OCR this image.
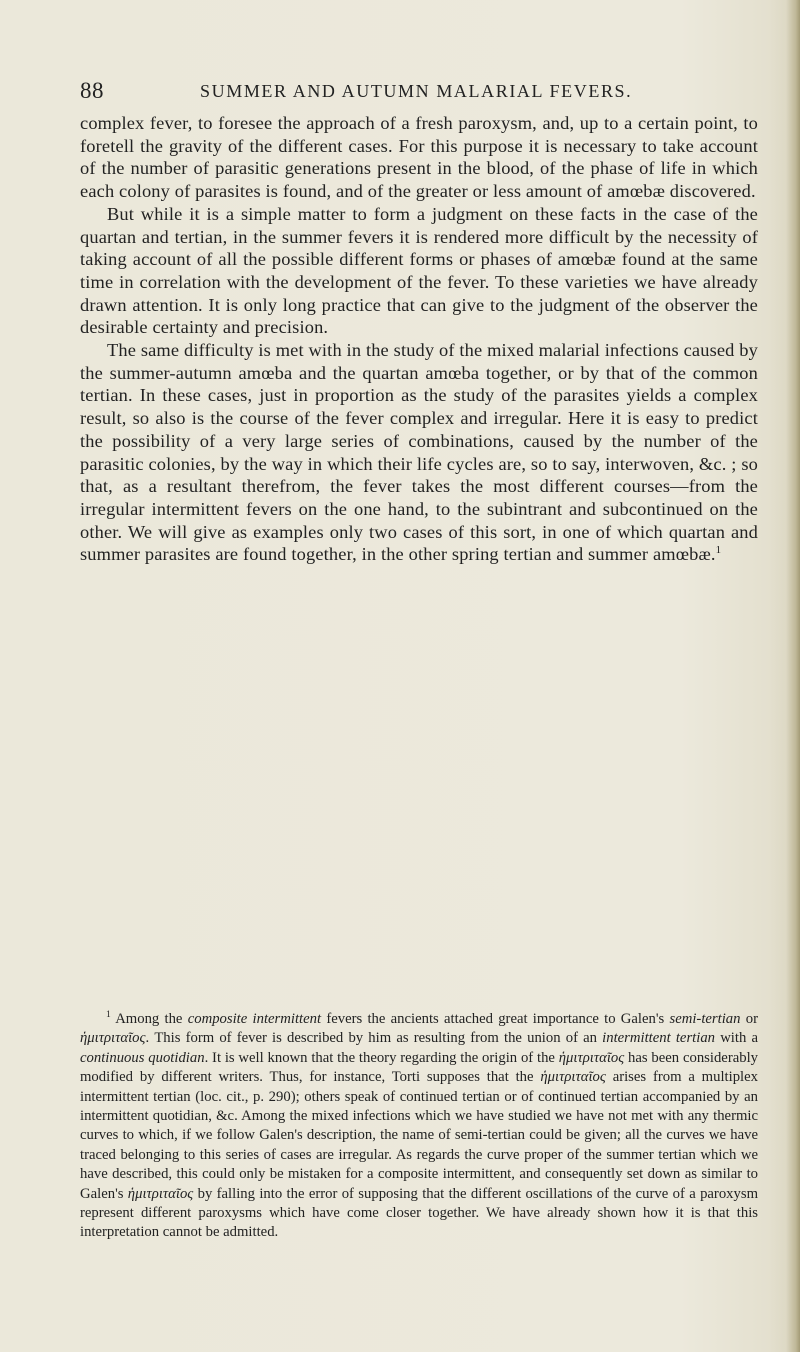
88	SUMMER AND AUTUMN MALARIAL FEVERS.

complex fever, to foresee the approach of a fresh paroxysm, and, up to a certain point, to foretell the gravity of the different cases. For this purpose it is necessary to take account of the number of parasitic generations present in the blood, of the phase of life in which each colony of parasites is found, and of the greater or less amount of amœbæ discovered.

But while it is a simple matter to form a judgment on these facts in the case of the quartan and tertian, in the summer fevers it is rendered more difficult by the necessity of taking account of all the possible different forms or phases of amœbæ found at the same time in correlation with the development of the fever. To these varieties we have already drawn attention. It is only long practice that can give to the judgment of the observer the desirable certainty and precision.

The same difficulty is met with in the study of the mixed malarial infections caused by the summer-autumn amœba and the quartan amœba together, or by that of the common tertian. In these cases, just in proportion as the study of the parasites yields a complex result, so also is the course of the fever complex and irregular. Here it is easy to predict the possibility of a very large series of combinations, caused by the number of the parasitic colonies, by the way in which their life cycles are, so to say, interwoven, &c. ; so that, as a resultant therefrom, the fever takes the most different courses—from the irregular intermittent fevers on the one hand, to the subintrant and subcontinued on the other. We will give as examples only two cases of this sort, in one of which quartan and summer parasites are found together, in the other spring tertian and summer amœbæ.$^1$

$^1$ Among the composite intermittent fevers the ancients attached great importance to Galen's semi-tertian or ἡμιτριταῖος. This form of fever is described by him as resulting from the union of an intermittent tertian with a continuous quotidian. It is well known that the theory regarding the origin of the ἡμιτριταῖος has been considerably modified by different writers. Thus, for instance, Torti supposes that the ἡμιτριταῖος arises from a multiplex intermittent tertian (loc. cit., p. 290); others speak of continued tertian or of continued tertian accompanied by an intermittent quotidian, &c. Among the mixed infections which we have studied we have not met with any thermic curves to which, if we follow Galen's description, the name of semi-tertian could be given; all the curves we have traced belonging to this series of cases are irregular. As regards the curve proper of the summer tertian which we have described, this could only be mistaken for a composite intermittent, and consequently set down as similar to Galen's ἡμιτριταῖος by falling into the error of supposing that the different oscillations of the curve of a paroxysm represent different paroxysms which have come closer together. We have already shown how it is that this interpretation cannot be admitted.
